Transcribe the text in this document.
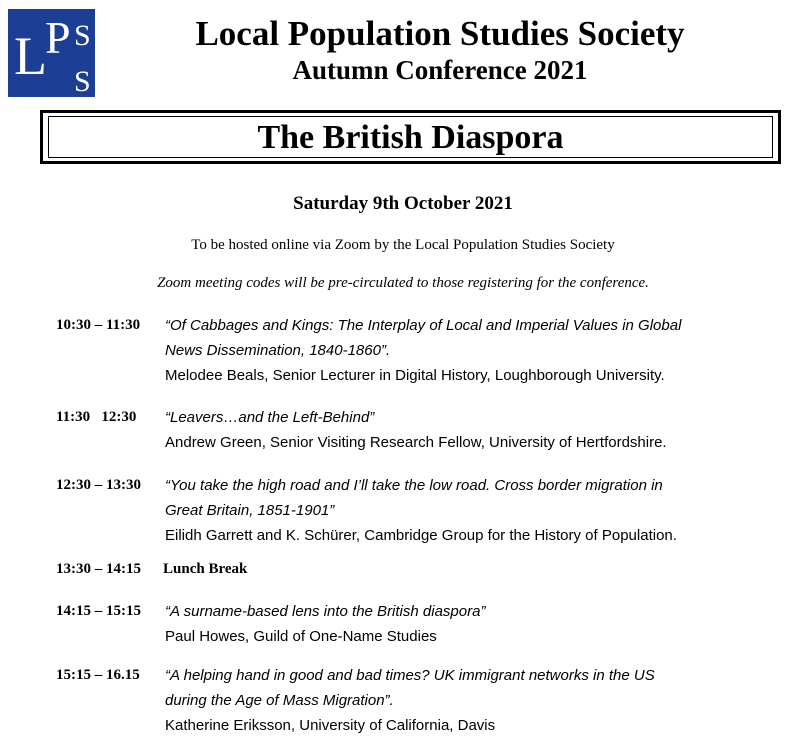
L
P S
S
Local Population Studies Society
Autumn Conference 2021
The British Diaspora
Saturday 9th October 2021
To be hosted online via Zoom by the Local Population Studies Society
Zoom meeting codes will be pre-circulated to those registering for the conference.
10:30 – 11:30 “Of Cabbages and Kings: The Interplay of Local and Imperial Values in Global
News Dissemination, 1840-1860”.
Melodee Beals, Senior Lecturer in Digital History, Loughborough University.
11:30   12:30 “Leavers…and the Left-Behind”
Andrew Green, Senior Visiting Research Fellow, University of Hertfordshire.
12:30 – 13:30 “You take the high road and I’ll take the low road. Cross border migration in
Great Britain, 1851-1901”
Eilidh Garrett and K. Schürer, Cambridge Group for the History of Population.
13:30 – 14:15 Lunch Break
14:15 – 15:15 “A surname-based lens into the British diaspora”
Paul Howes, Guild of One-Name Studies
15:15 – 16.15 “A helping hand in good and bad times? UK immigrant networks in the US
during the Age of Mass Migration”.
Katherine Eriksson, University of California, Davis
